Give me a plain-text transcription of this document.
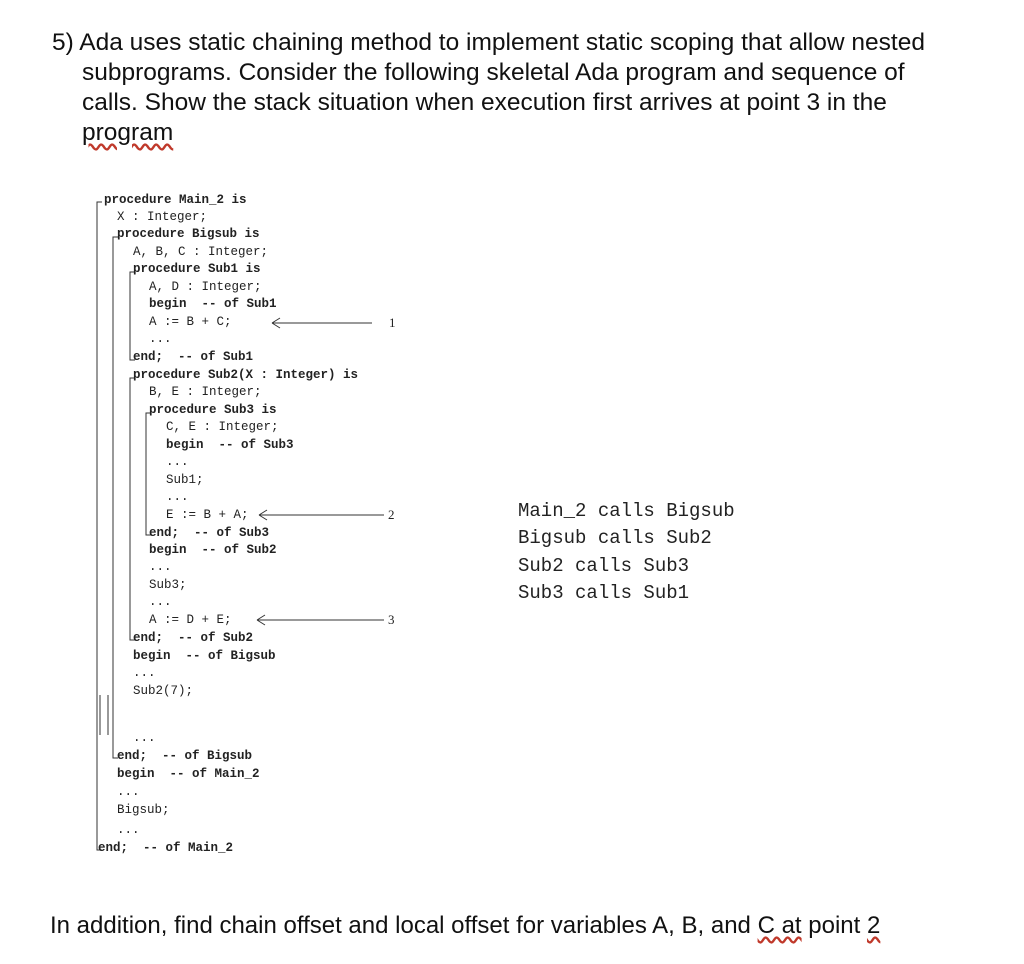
5) Ada uses static chaining method to implement static scoping that allow nested
subprograms. Consider the following skeletal Ada program and sequence of
calls. Show the stack situation when execution first arrives at point 3 in the
program
1
2
3
procedure Main_2 is
X : Integer;
procedure Bigsub is
A, B, C : Integer;
procedure Sub1 is
A, D : Integer;
begin  -- of Sub1
A := B + C;
...
end;  -- of Sub1
procedure Sub2(X : Integer) is
B, E : Integer;
procedure Sub3 is
C, E : Integer;
begin  -- of Sub3
...
Sub1;
...
E := B + A;
end;  -- of Sub3
begin  -- of Sub2
...
Sub3;
...
A := D + E;
end;  -- of Sub2
begin  -- of Bigsub
...
Sub2(7);
...
end;  -- of Bigsub
begin  -- of Main_2
...
Bigsub;
...
end;  -- of Main_2
Main_2 calls Bigsub
Bigsub calls Sub2
Sub2 calls Sub3
Sub3 calls Sub1
In addition, find chain offset and local offset for variables A, B, and C at point 2
